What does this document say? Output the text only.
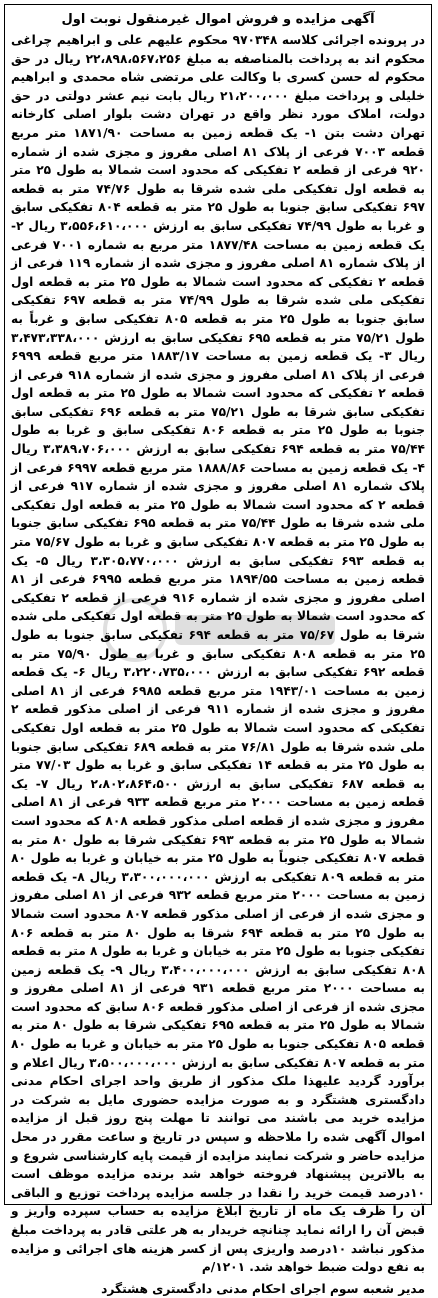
آگهی مزایده و فروش اموال غیرمنقول نوبت اول
در پرونده اجرائی کلاسه ۹۷۰۳۴۸ محکوم علیهم علی و ابراهیم چراغی محکوم اند به پرداخت بالمناصفه به مبلغ ۲۲،۸۹۸،۵۶۷،۲۵۶ ریال در حق محکوم له حسن کسری با وکالت علی مرتضی شاه محمدی و ابراهیم خلیلی و پرداخت مبلغ ۲۱،۲۰۰،۰۰۰ ریال بابت نیم عشر دولتی در حق دولت، املاک مورد نظر واقع در تهران دشت بلوار اصلی کارخانه تهران دشت بتن ۱- یک قطعه زمین به مساحت ۱۸۷۱/۹۰ متر مربع قطعه ۷۰۰۳ فرعی از پلاک ۸۱ اصلی مفروز و مجزی شده از شماره ۹۲۰ فرعی از قطعه ۲ تفکیکی که محدود است شمالا به طول ۲۵ متر به قطعه اول تفکیکی ملی شده شرقا به طول ۷۴/۷۶ متر به قطعه ۶۹۷ تفکیکی سابق جنوبا به طول ۲۵ متر به قطعه ۸۰۴ تفکیکی سابق و غربا به طول ۷۴/۹۹ تفکیکی سابق به ارزش ۳،۵۵۶،۶۱۰،۰۰۰ ریال ۲- یک قطعه زمین به مساحت ۱۸۷۷/۴۸ متر مربع به شماره ۷۰۰۱ فرعی از پلاک شماره ۸۱ اصلی مفروز و مجزی شده از شماره ۱۱۹ فرعی از قطعه ۲ تفکیکی که محدود است شمالا به طول ۲۵ متر به قطعه اول تفکیکی ملی شده شرقا به طول ۷۴/۹۹ متر به قطعه ۶۹۷ تفکیکی سابق جنوبا به طول ۲۵ متر به قطعه ۸۰۵ تفکیکی سابق و غرباً به طول ۷۵/۲۱ متر به قطعه ۶۹۵ تفکیکی سابق به ارزش ۳،۴۷۳،۳۳۸،۰۰۰ ریال ۳- یک قطعه زمین به مساحت ۱۸۸۳/۱۷ متر مربع قطعه ۶۹۹۹ فرعی از پلاک ۸۱ اصلی مفروز و مجزی شده از شماره ۹۱۸ فرعی از قطعه ۲ تفکیکی که محدود است شمالا به طول ۲۵ متر به قطعه اول تفکیکی سابق شرقا به طول ۷۵/۲۱ متر به قطعه ۶۹۶ تفکیکی سابق جنوبا به طول ۲۵ متر به قطعه ۸۰۶ تفکیکی سابق و غربا به طول ۷۵/۴۴ متر به قطعه ۶۹۴ تفکیکی سابق به ارزش ۳،۳۸۹،۷۰۶،۰۰۰ ریال ۴- یک قطعه زمین به مساحت ۱۸۸۸/۸۶ متر مربع قطعه ۶۹۹۷ فرعی از پلاک شماره ۸۱ اصلی مفروز و مجزی شده از شماره ۹۱۷ فرعی از قطعه ۲ که محدود است شمالا به طول ۲۵ متر به قطعه اول تفکیکی ملی شده شرقا به طول ۷۵/۴۴ متر به قطعه ۶۹۵ تفکیکی سابق جنوبا به طول ۲۵ متر به قطعه ۸۰۷ تفکیکی سابق و غربا به طول ۷۵/۶۷ متر به قطعه ۶۹۳ تفکیکی سابق به ارزش ۳،۳۰۵،۷۷۰،۰۰۰ ریال ۵- یک قطعه زمین به مساحت ۱۸۹۴/۵۵ متر مربع قطعه ۶۹۹۵ فرعی از ۸۱ اصلی مفروز و مجزی شده از شماره ۹۱۶ فرعی از قطعه ۲ تفکیکی که محدود است شمالا به طول ۲۵ متر به قطعه اول تفکیکی ملی شده شرقا به طول ۷۵/۶۷ متر به قطعه ۶۹۴ تفکیکی سابق جنوبا به طول ۲۵ متر به قطعه ۸۰۸ تفکیکی سابق و غربا به طول ۷۵/۹۰ متر به قطعه ۶۹۲ تفکیکی سابق به ارزش ۳،۲۲۰،۷۳۵،۰۰۰ ریال ۶- یک قطعه زمین به مساحت ۱۹۴۳/۰۱ متر مربع قطعه ۶۹۸۵ فرعی از ۸۱ اصلی مفروز و مجزی شده از شماره ۹۱۱ فرعی از اصلی مذکور قطعه ۲ تفکیکی که محدود است شمالا به طول ۲۵ متر به قطعه اول تفکیکی ملی شده شرقا به طول ۷۶/۸۱ متر به قطعه ۶۸۹ تفکیکی سابق جنوبا به طول ۲۵ متر به قطعه ۱۴ تفکیکی سابق و غربا به طول ۷۷/۰۳ متر به قطعه ۶۸۷ تفکیکی سابق به ارزش ۲،۸۰۲،۸۶۴،۵۰۰ ریال ۷- یک قطعه زمین به مساحت ۲۰۰۰ متر مربع قطعه ۹۳۳ فرعی از ۸۱ اصلی مفروز و مجزی شده از قطعه اصلی مذکور قطعه ۸۰۸ که محدود است شمالا به طول ۲۵ متر به قطعه ۶۹۳ تفکیکی شرقا به طول ۸۰ متر به قطعه ۸۰۷ تفکیکی جنوباً به طول ۲۵ متر به خیابان و غربا به طول ۸۰ متر به قطعه ۸۰۹ تفکیکی به ارزش ۳،۳۰۰،۰۰۰،۰۰۰ ریال ۸- یک قطعه زمین به مساحت ۲۰۰۰ متر مربع قطعه ۹۳۲ فرعی از ۸۱ اصلی مفروز و مجزی شده از فرعی از اصلی مذکور قطعه ۸۰۷ محدود است شمالا به طول ۲۵ متر به قطعه ۶۹۴ شرقا به طول ۸۰ متر به قطعه ۸۰۶ تفکیکی جنوبا به طول ۲۵ متر به خیابان و غربا به طول ۸ متر به قطعه ۸۰۸ تفکیکی سابق به ارزش ۳،۴۰۰،۰۰۰،۰۰۰ ریال ۹- یک قطعه زمین به مساحت ۲۰۰۰ متر مربع قطعه ۹۳۱ فرعی از ۸۱ اصلی مفروز و مجزی شده از فرعی از اصلی مذکور قطعه ۸۰۶ سابق که محدود است شمالا به طول ۲۵ متر به قطعه ۶۹۵ تفکیکی شرقا به طول ۸۰ متر به قطعه ۸۰۵ تفکیکی جنوبا به طول ۲۵ متر به خیابان و غربا به طول ۸۰ متر به قطعه ۸۰۷ تفکیکی سابق به ارزش ۳،۵۰۰،۰۰۰،۰۰۰ ریال اعلام و برآورد گردید علیهذا ملک مذکور از طریق واحد اجرای احکام مدنی دادگستری هشتگرد و به صورت مزایده حضوری مایل به شرکت در مزایده خرید می باشند می توانند تا مهلت پنج روز قبل از مزایده اموال آگهی شده را ملاحظه و سپس در تاریخ و ساعت مقرر در محل مزایده حاضر و شرکت نمایند مزایده از قیمت پایه کارشناسی شروع و به بالاترین پیشنهاد فروخته خواهد شد برنده مزایده موظف است ۱۰درصد قیمت خرید را نقدا در جلسه مزایده پرداخت توزیع و الباقی آن را ظرف یک ماه از تاریخ ابلاغ مزایده به حساب سپرده واریز و قبض آن را ارائه نماید چنانچه خریدار به هر علتی قادر به پرداخت مبلغ مذکور نباشد ۱۰درصد واریزی پس از کسر هزینه های اجرائی و مزایده به نفع دولت ضبط خواهد شد. ۱۲۰۱/م
مدیر شعبه سوم اجرای احکام مدنی دادگستری هشتگرد
